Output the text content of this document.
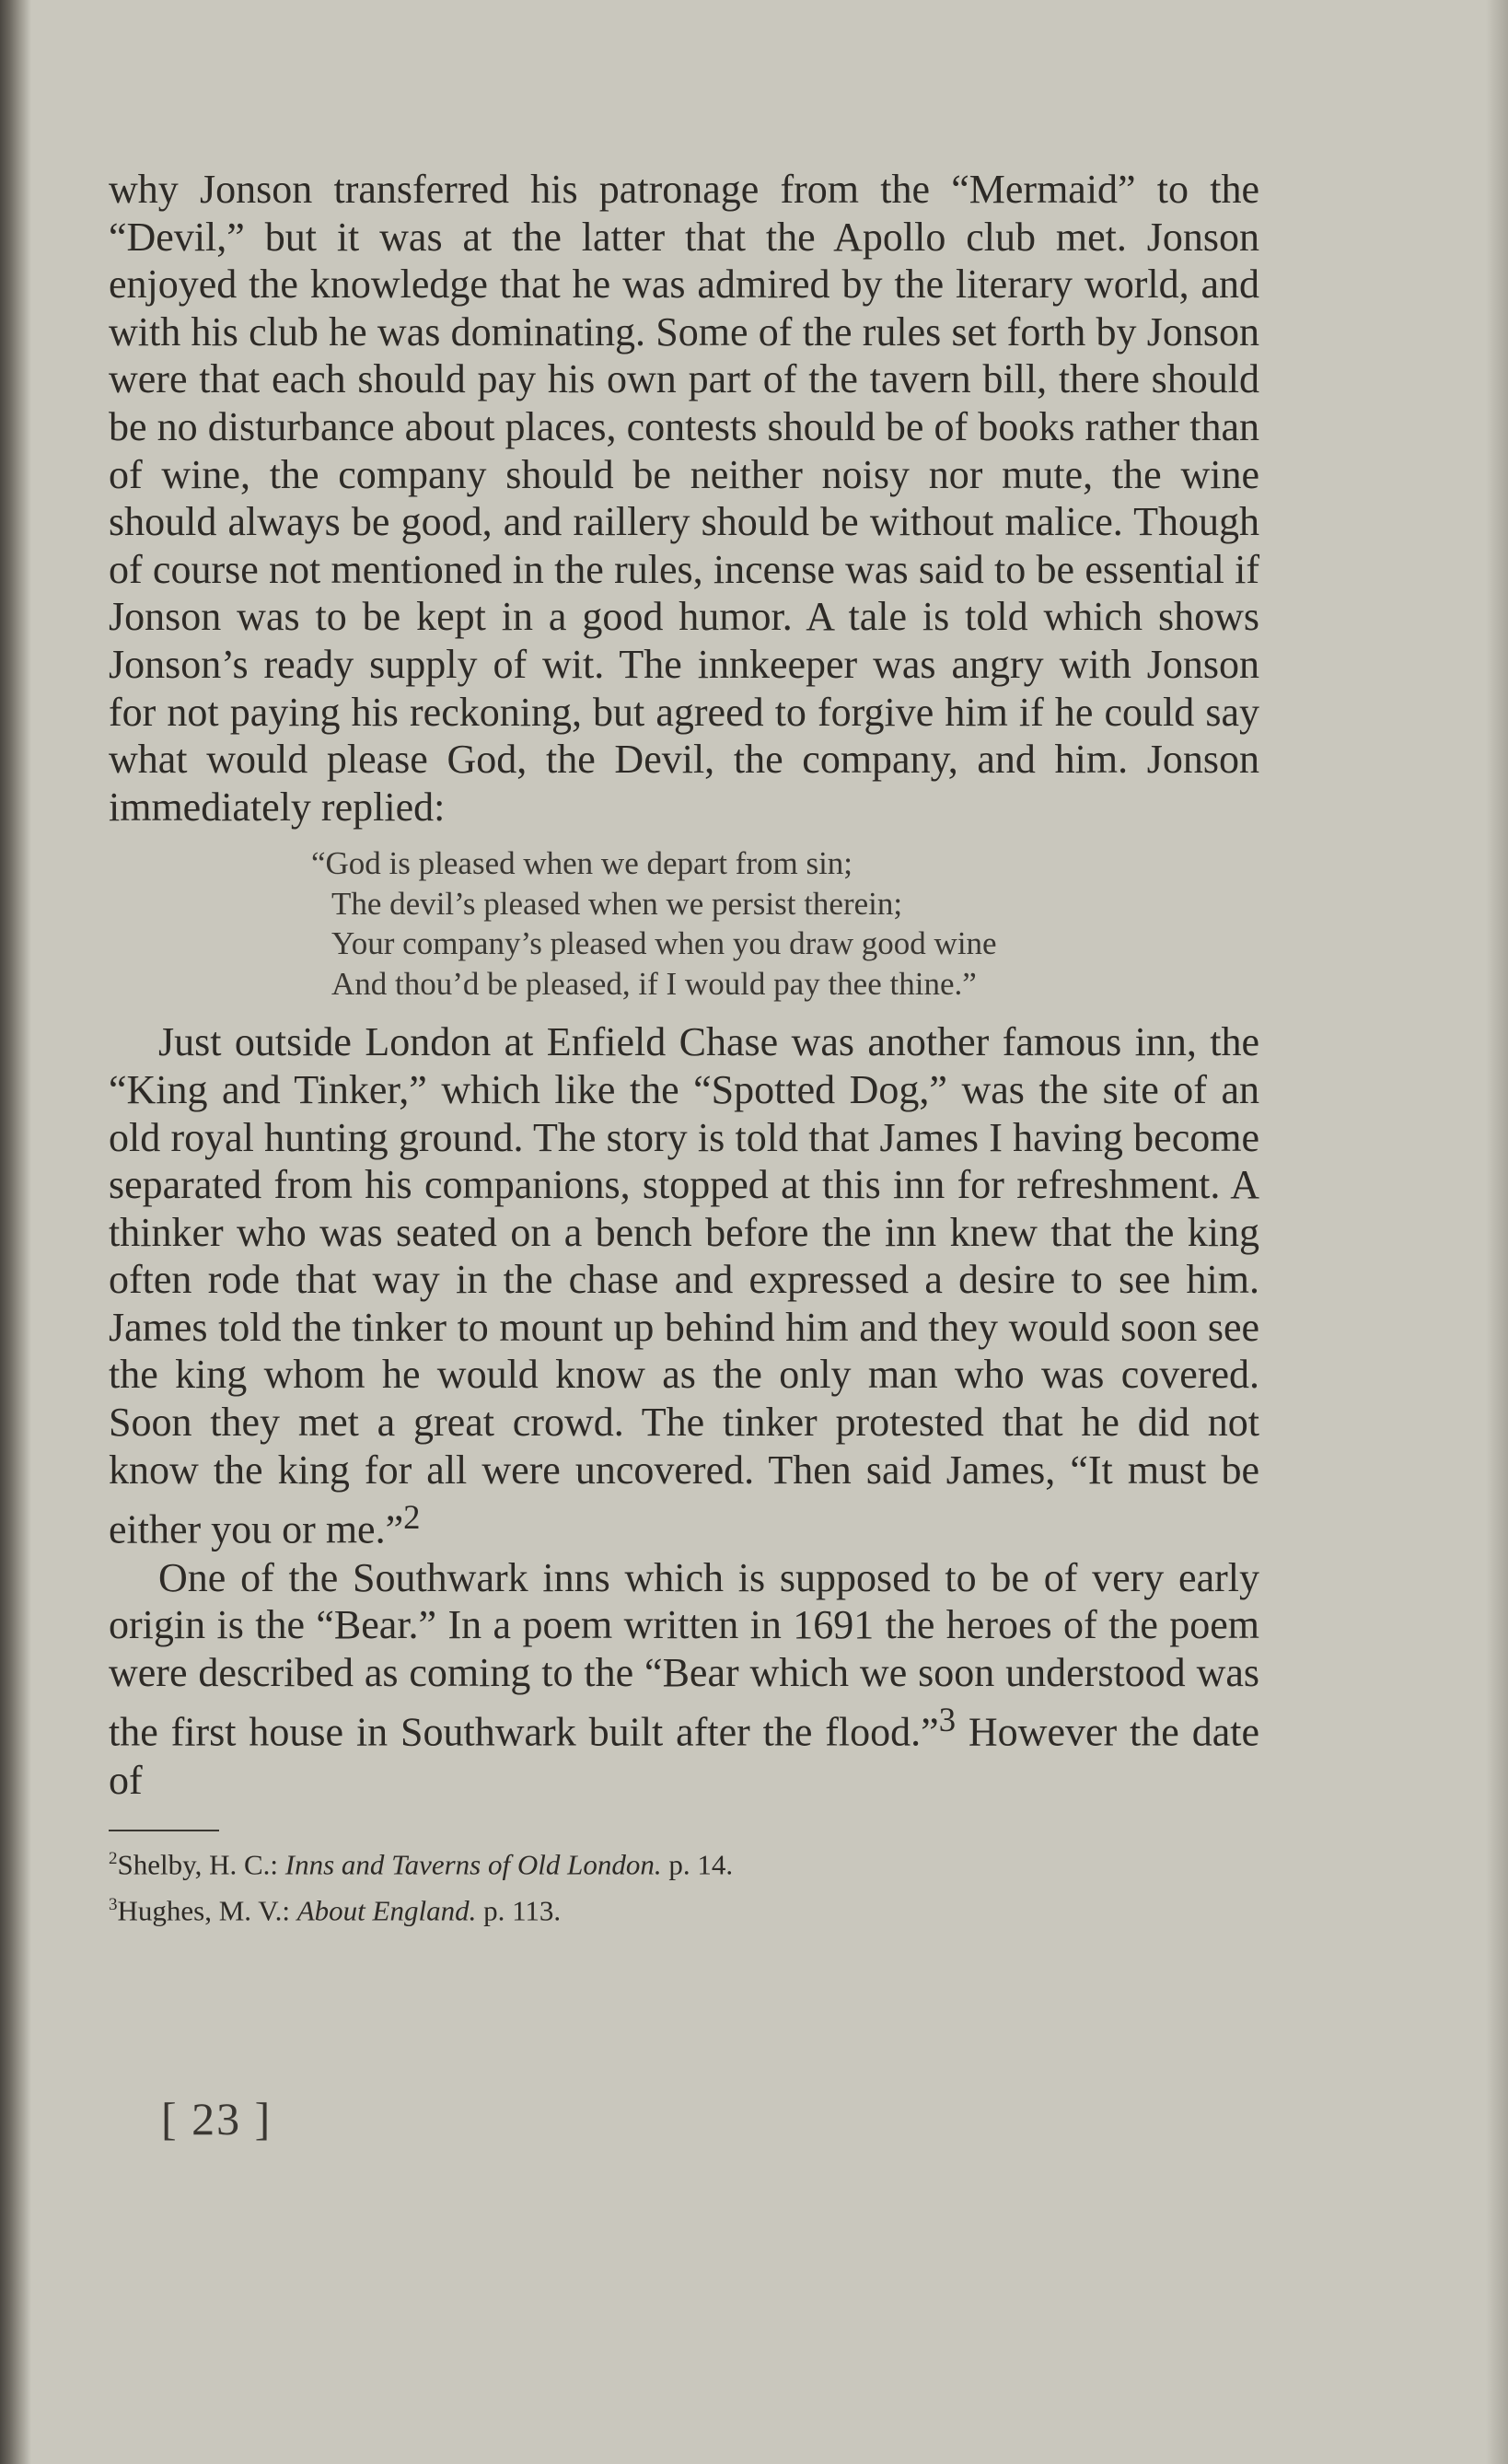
why Jonson transferred his patronage from the “Mermaid” to the “Devil,” but it was at the latter that the Apollo club met. Jonson enjoyed the knowledge that he was admired by the literary world, and with his club he was dominating. Some of the rules set forth by Jonson were that each should pay his own part of the tavern bill, there should be no disturbance about places, contests should be of books rather than of wine, the company should be neither noisy nor mute, the wine should always be good, and raillery should be without malice. Though of course not mentioned in the rules, incense was said to be essential if Jonson was to be kept in a good humor. A tale is told which shows Jonson’s ready supply of wit. The innkeeper was angry with Jonson for not paying his reckoning, but agreed to forgive him if he could say what would please God, the Devil, the company, and him. Jonson immediately replied:

“God is pleased when we depart from sin;
The devil’s pleased when we persist therein;
Your company’s pleased when you draw good wine
And thou’d be pleased, if I would pay thee thine.”

Just outside London at Enfield Chase was another famous inn, the “King and Tinker,” which like the “Spotted Dog,” was the site of an old royal hunting ground. The story is told that James I having become separated from his companions, stopped at this inn for refreshment. A thinker who was seated on a bench before the inn knew that the king often rode that way in the chase and expressed a desire to see him. James told the tinker to mount up behind him and they would soon see the king whom he would know as the only man who was covered. Soon they met a great crowd. The tinker protested that he did not know the king for all were uncovered. Then said James, “It must be either you or me.”$^2$

One of the Southwark inns which is supposed to be of very early origin is the “Bear.” In a poem written in 1691 the heroes of the poem were described as coming to the “Bear which we soon understood was the first house in Southwark built after the flood.”$^3$ However the date of

$^2$Shelby, H. C.: Inns and Taverns of Old London. p. 14.

$^3$Hughes, M. V.: About England. p. 113.

[ 23 ]
